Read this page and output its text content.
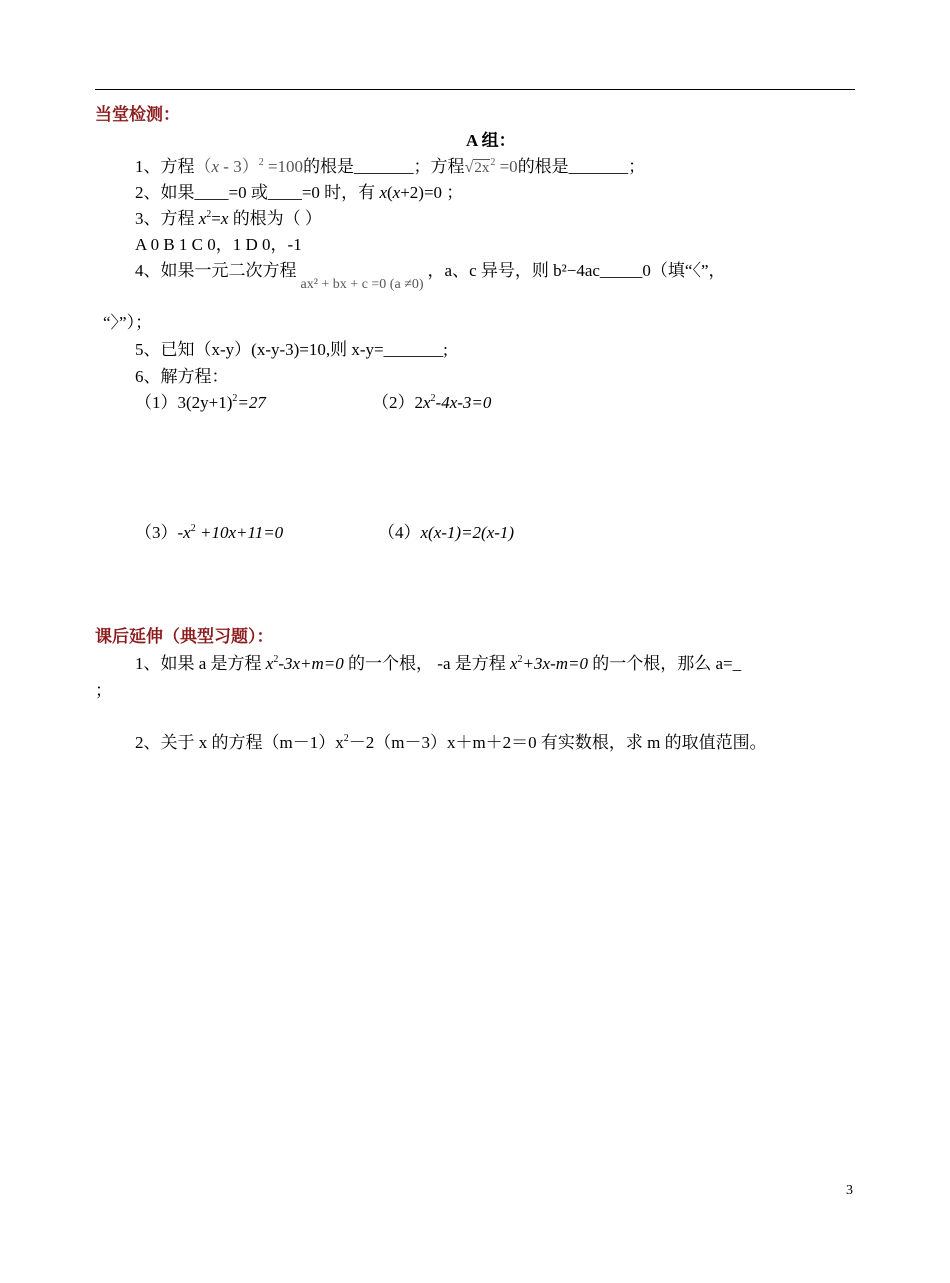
当堂检测：
A 组：
1、方程（x - 3）$^2$ =100的根是_______；方程$√2x^2 =0$的根是_______；
2、如果____=0 或____=0 时，有 x(x+2)=0 ；
3、方程 $x^2=x$ 的根为（ ）
A 0 B 1 C 0，1 D 0，-1
4、如果一元二次方程$_{ax^2 + bx + c =0 (a \ne 0)}$，a、c 异号，则 b²−4ac_____0（填“〈”，
“〉”）；
5、已知（x-y）(x-y-3)=10,则 x-y=_______;
6、解方程：
$(1)3(2y+1)^2=27$	$(2)2x^2-4x-3=0$
$(3)-x^2 +10x+11=0$	（4）x(x-1)=2(x-1)
课后延伸（典型习题）：
1、如果 a 是方程 $x^2-3x+m=0$ 的一个根， -a 是方程 $x^2+3x-m=0$ 的一个根，那么 a=_
；
2、关于 x 的方程$(m-1)x^2-2(m-3)x+m+2=0$ 有实数根，求 m 的取值范围。
3
